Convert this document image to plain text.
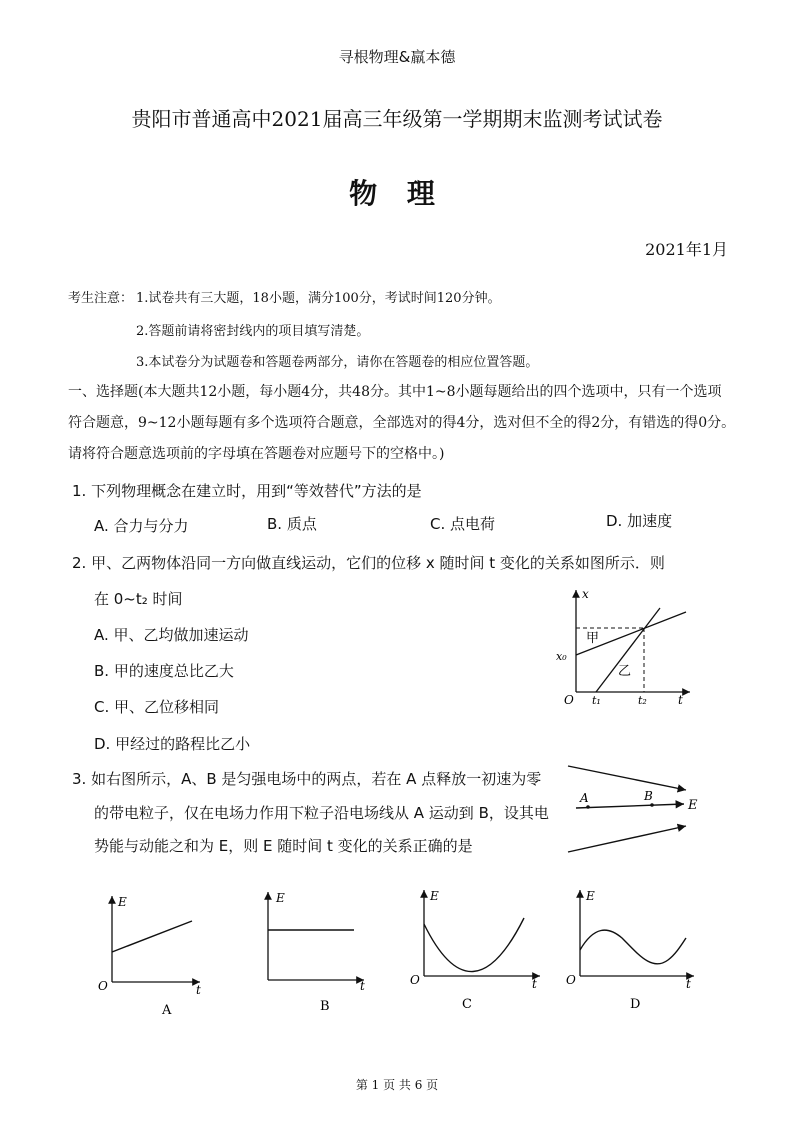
寻根物理&羸本德
贵阳市普通高中2021届高三年级第一学期期末监测考试试卷
物 理
2021年1月
考生注意： 1.试卷共有三大题，18小题，满分100分，考试时间120分钟。
2.答题前请将密封线内的项目填写清楚。
3.本试卷分为试题卷和答题卷两部分，请你在答题卷的相应位置答题。
一、选择题(本大题共12小题，每小题4分，共48分。其中1~8小题每题给出的四个选项中，只有一个选项
符合题意，9~12小题每题有多个选项符合题意，全部选对的得4分，选对但不全的得2分，有错选的得0分。
请将符合题意选项前的字母填在答题卷对应题号下的空格中。)
1. 下列物理概念在建立时，用到“等效替代”方法的是
A. 合力与分力	B. 质点	C. 点电荷	D. 加速度
2. 甲、乙两物体沿同一方向做直线运动，它们的位移 x 随时间 t 变化的关系如图所示．则
在 0~t₂ 时间
A. 甲、乙均做加速运动
B. 甲的速度总比乙大
C. 甲、乙位移相同
D. 甲经过的路程比乙小
x
t
O
x₀
t₁	t₂
甲
乙
3. 如右图所示，A、B 是匀强电场中的两点，若在 A 点释放一初速为零
的带电粒子，仅在电场力作用下粒子沿电场线从 A 运动到 B，设其电
势能与动能之和为 E，则 E 随时间 t 变化的关系正确的是
A	B
E
E
t
O
A
E
t
B
E
t
O
C
E
t
O
D
第 1 页 共 6 页
